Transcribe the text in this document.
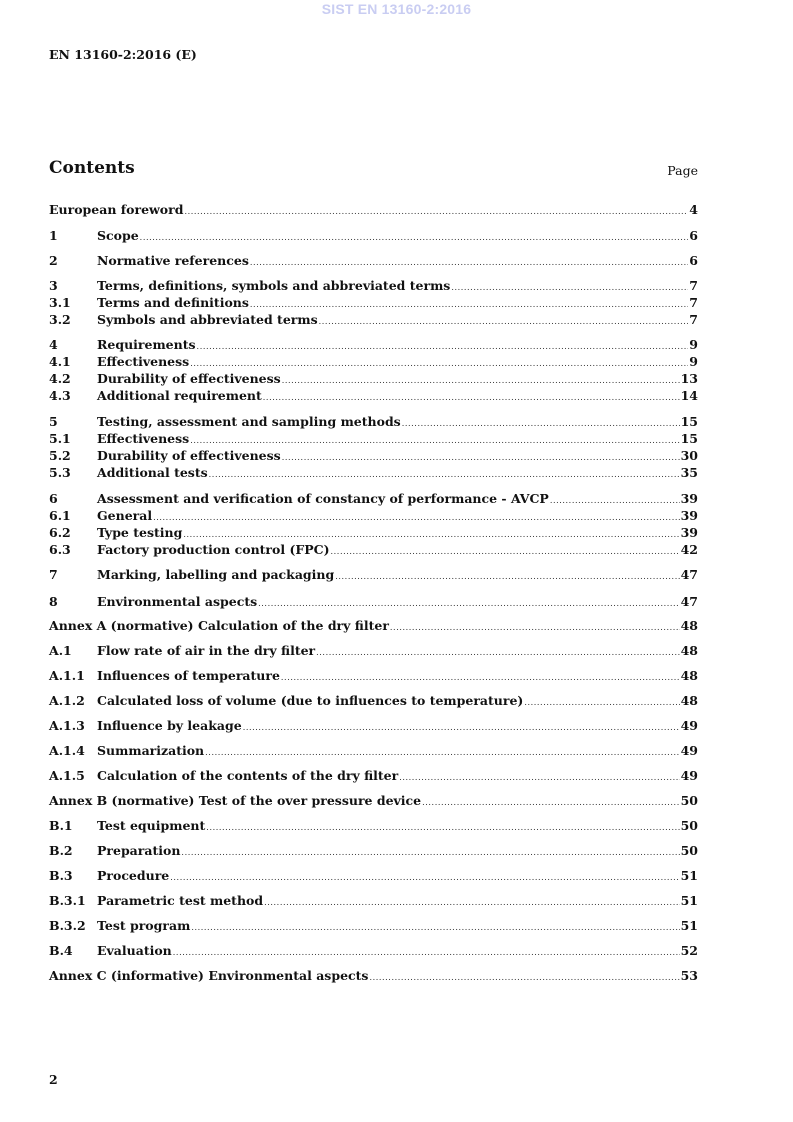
SIST EN 13160-2:2016
EN 13160-2:2016 (E)
Contents	Page
European foreword .....	4
1	Scope .....	6
2	Normative references .....	6
3	Terms, definitions, symbols and abbreviated terms .....	7
3.1	Terms and definitions .....	7
3.2	Symbols and abbreviated terms .....	7
4	Requirements .....	9
4.1	Effectiveness .....	9
4.2	Durability of effectiveness .....	13
4.3	Additional requirement .....	14
5	Testing, assessment and sampling methods .....	15
5.1	Effectiveness .....	15
5.2	Durability of effectiveness .....	30
5.3	Additional tests .....	35
6	Assessment and verification of constancy of performance - AVCP .....	39
6.1	General .....	39
6.2	Type testing .....	39
6.3	Factory production control (FPC) .....	42
7	Marking, labelling and packaging .....	47
8	Environmental aspects .....	47
Annex A (normative) Calculation of the dry filter .....	48
A.1	Flow rate of air in the dry filter .....	48
A.1.1 Influences of temperature .....	48
A.1.2 Calculated loss of volume (due to influences to temperature) .....	48
A.1.3 Influence by leakage .....	49
A.1.4 Summarization .....	49
A.1.5 Calculation of the contents of the dry filter .....	49
Annex B (normative) Test of the over pressure device .....	50
B.1	Test equipment .....	50
B.2	Preparation .....	50
B.3	Procedure .....	51
B.3.1 Parametric test method .....	51
B.3.2 Test program .....	51
B.4	Evaluation .....	52
Annex C (informative) Environmental aspects .....	53
2
